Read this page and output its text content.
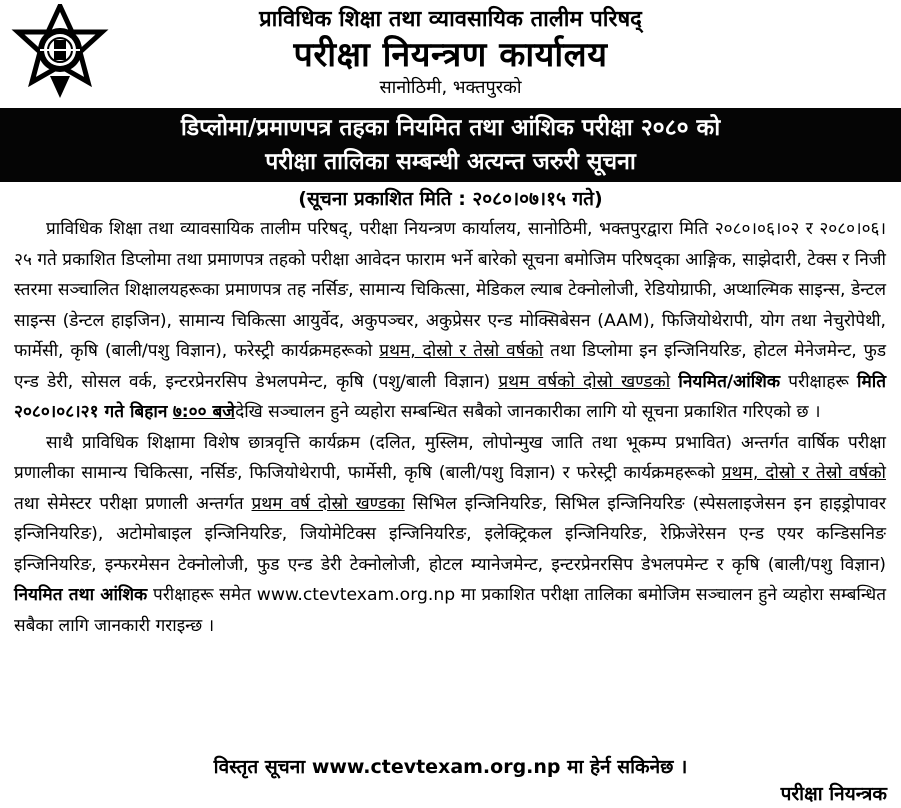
प्राविधिक शिक्षा तथा व्यावसायिक तालीम परिषद्
परीक्षा नियन्त्रण कार्यालय
सानोठिमी, भक्तपुरको
डिप्लोमा/प्रमाणपत्र तहका नियमित तथा आंशिक परीक्षा २०८० को
परीक्षा तालिका सम्बन्धी अत्यन्त जरुरी सूचना
(सूचना प्रकाशित मिति : २०८०।०७।१५ गते)

प्राविधिक शिक्षा तथा व्यावसायिक तालीम परिषद्, परीक्षा नियन्त्रण कार्यालय, सानोठिमी, भक्तपुरद्वारा मिति २०८०।०६।०२ र २०८०।०६।२५ गते प्रकाशित डिप्लोमा तथा प्रमाणपत्र तहको परीक्षा आवेदन फाराम भर्ने बारेको सूचना बमोजिम परिषद्का आङ्गिक, साझेदारी, टेक्स र निजी स्तरमा सञ्चालित शिक्षालयहरूका प्रमाणपत्र तह नर्सिङ, सामान्य चिकित्सा, मेडिकल ल्याब टेक्नोलोजी, रेडियोग्राफी, अप्थाल्मिक साइन्स, डेन्टल साइन्स (डेन्टल हाइजिन), सामान्य चिकित्सा आयुर्वेद, अकुपञ्चर, अकुप्रेसर एन्ड मोक्सिबेसन (AAM), फिजियोथेरापी, योग तथा नेचुरोपेथी, फार्मेसी, कृषि (बाली/पशु विज्ञान), फरेस्ट्री कार्यक्रमहरूको प्रथम, दोस्रो र तेस्रो वर्षको तथा डिप्लोमा इन इन्जिनियरिङ, होटल मेनेजमेन्ट, फुड एन्ड डेरी, सोसल वर्क, इन्टरप्रेनरसिप डेभलपमेन्ट, कृषि (पशु/बाली विज्ञान) प्रथम वर्षको दोस्रो खण्डको नियमित/आंशिक परीक्षाहरू मिति २०८०।०८।२१ गते बिहान ७:०० बजेदेखि सञ्चालन हुने व्यहोरा सम्बन्धित सबैको जानकारीका लागि यो सूचना प्रकाशित गरिएको छ ।

साथै प्राविधिक शिक्षामा विशेष छात्रवृत्ति कार्यक्रम (दलित, मुस्लिम, लोपोन्मुख जाति तथा भूकम्प प्रभावित) अन्तर्गत वार्षिक परीक्षा प्रणालीका सामान्य चिकित्सा, नर्सिङ, फिजियोथेरापी, फार्मेसी, कृषि (बाली/पशु विज्ञान) र फरेस्ट्री कार्यक्रमहरूको प्रथम, दोस्रो र तेस्रो वर्षको तथा सेमेस्टर परीक्षा प्रणाली अन्तर्गत प्रथम वर्ष दोस्रो खण्डका सिभिल इन्जिनियरिङ, सिभिल इन्जिनियरिङ (स्पेसलाइजेसन इन हाइड्रोपावर इन्जिनियरिङ), अटोमोबाइल इन्जिनियरिङ, जियोमेटिक्स इन्जिनियरिङ, इलेक्ट्रिकल इन्जिनियरिङ, रेफ्रिजेरेसन एन्ड एयर कन्डिसनिङ इन्जिनियरिङ, इन्फरमेसन टेक्नोलोजी, फुड एन्ड डेरी टेक्नोलोजी, होटल म्यानेजमेन्ट, इन्टरप्रेनरसिप डेभलपमेन्ट र कृषि (बाली/पशु विज्ञान) नियमित तथा आंशिक परीक्षाहरू समेत www.ctevtexam.org.np मा प्रकाशित परीक्षा तालिका बमोजिम सञ्चालन हुने व्यहोरा सम्बन्धित सबैका लागि जानकारी गराइन्छ ।

विस्तृत सूचना www.ctevtexam.org.np मा हेर्न सकिनेछ ।
परीक्षा नियन्त्रक
